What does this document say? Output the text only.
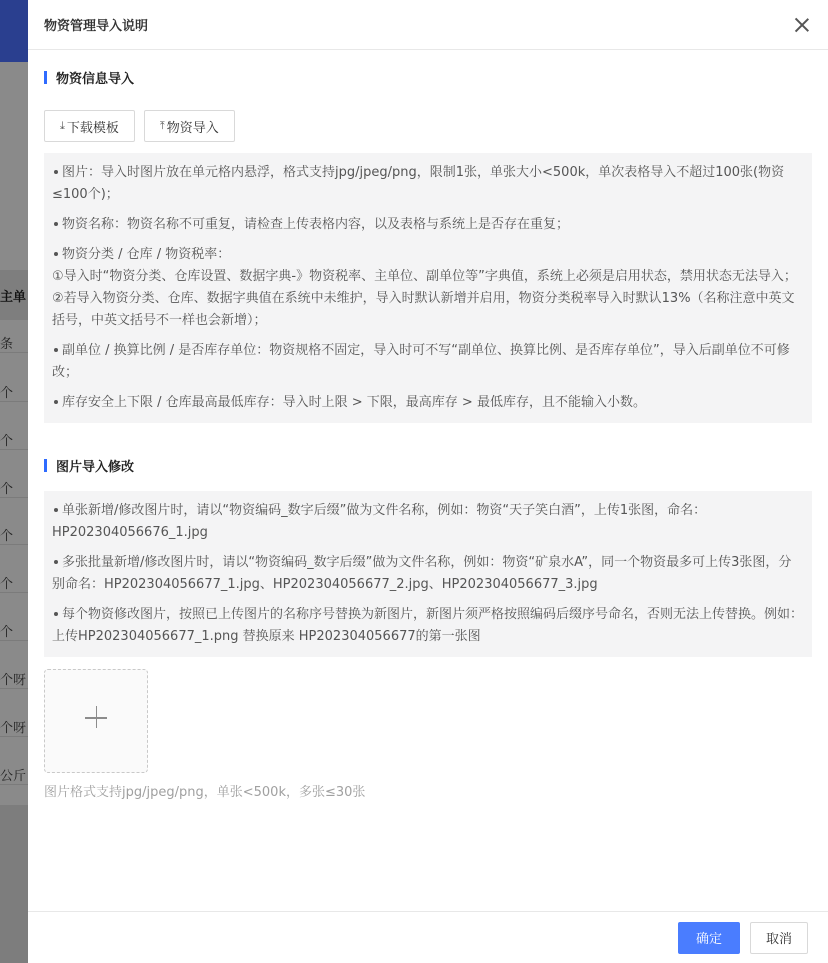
主单
条
个
个
个
个
个
个
个呀
个呀
公斤
物资管理导入说明
物资信息导入
⤓ 下载模板	⤒ 物资导入

图片：导入时图片放在单元格内悬浮，格式支持jpg/jpeg/png，限制1张，单张大小<500k，单次表格导入不超过100张(物资≤100个)；

物资名称：物资名称不可重复，请检查上传表格内容，以及表格与系统上是否存在重复；

物资分类 / 仓库 / 物资税率：

①导入时“物资分类、仓库设置、数据字典-》物资税率、主单位、副单位等”字典值，系统上必须是启用状态，禁用状态无法导入；

②若导入物资分类、仓库、数据字典值在系统中未维护，导入时默认新增并启用，物资分类税率导入时默认13%（名称注意中英文括号，中英文括号不一样也会新增）；

副单位 / 换算比例 / 是否库存单位：物资规格不固定，导入时可不写“副单位、换算比例、是否库存单位”，导入后副单位不可修改；

库存安全上下限 / 仓库最高最低库存：导入时上限 > 下限，最高库存 > 最低库存，且不能输入小数。

图片导入修改

单张新增/修改图片时，请以“物资编码_数字后缀”做为文件名称，例如：物资“天子笑白酒”，上传1张图，命名：HP202304056676_1.jpg

多张批量新增/修改图片时，请以“物资编码_数字后缀”做为文件名称，例如：物资“矿泉水A”，同一个物资最多可上传3张图，分别命名：HP202304056677_1.jpg、HP202304056677_2.jpg、HP202304056677_3.jpg

每个物资修改图片，按照已上传图片的名称序号替换为新图片，新图片须严格按照编码后缀序号命名，否则无法上传替换。例如：上传HP202304056677_1.png 替换原来 HP202304056677的第一张图

图片格式支持jpg/jpeg/png，单张<500k，多张≤30张
确定	取消
